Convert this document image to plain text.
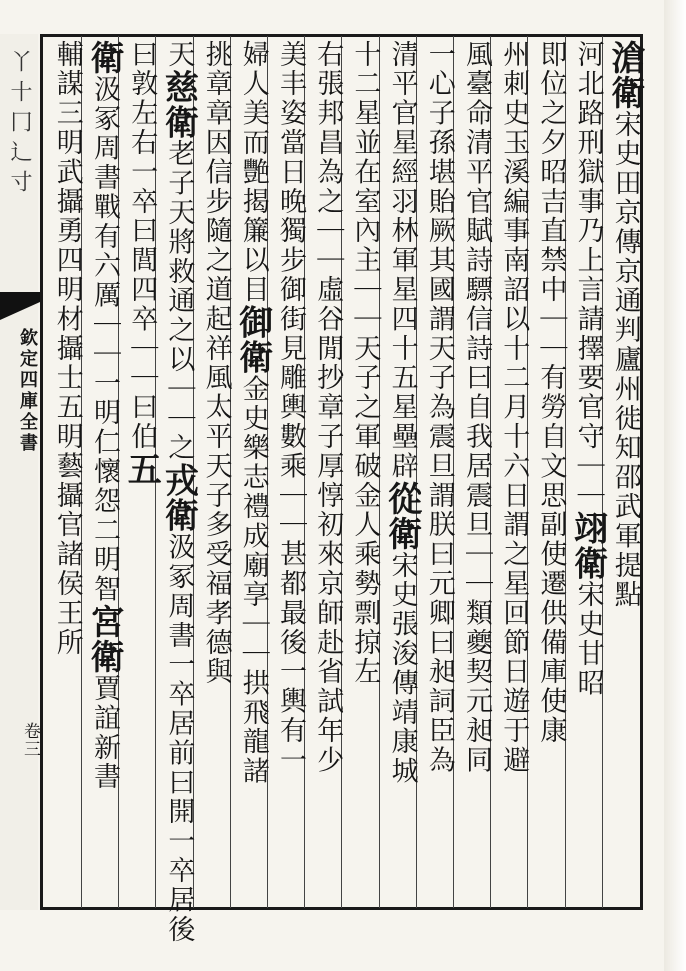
丫十冂辶寸
欽定四庫全書
卷三
滄衛宋史田京傳京通判廬州徙知邵武軍提點
河北路刑獄事乃上言請擇要官守｜｜翊衛宋史甘昭
即位之夕昭吉直禁中｜｜有勞自文思副使遷供備庫使康
州刺史玉溪編事南詔以十二月十六日謂之星回節日遊于避
風臺命清平官賦詩驃信詩曰自我居震旦｜｜類夔契元昶同
一心子孫堪貽厥其國謂天子為震旦謂朕曰元卿曰昶詞臣為
清平官星經羽林軍星四十五星壘辟從衛宋史張浚傳靖康城
十二星並在室內主｜｜天子之軍破金人乘勢剽掠左
右張邦昌為之｜｜虛谷閒抄章子厚惇初來京師赴省試年少
美丰姿當日晚獨步御街見雕輿數乘｜｜甚都最後一輿有一
婦人美而艷揭簾以目御衛金史樂志禮成廟享｜｜拱飛龍諸
挑章章因信步隨之道起祥風太平天子多受福孝德與
天慈衛老子天將救通之以｜｜之戎衛汲冢周書一卒居前曰開一卒居後
曰敦左右一卒曰閭四卒｜｜曰伯五
衛汲冢周書戰有六厲｜｜一明仁懷怨二明智宮衛賈誼新書
輔謀三明武攝勇四明材攝士五明藝攝官諸侯王所
